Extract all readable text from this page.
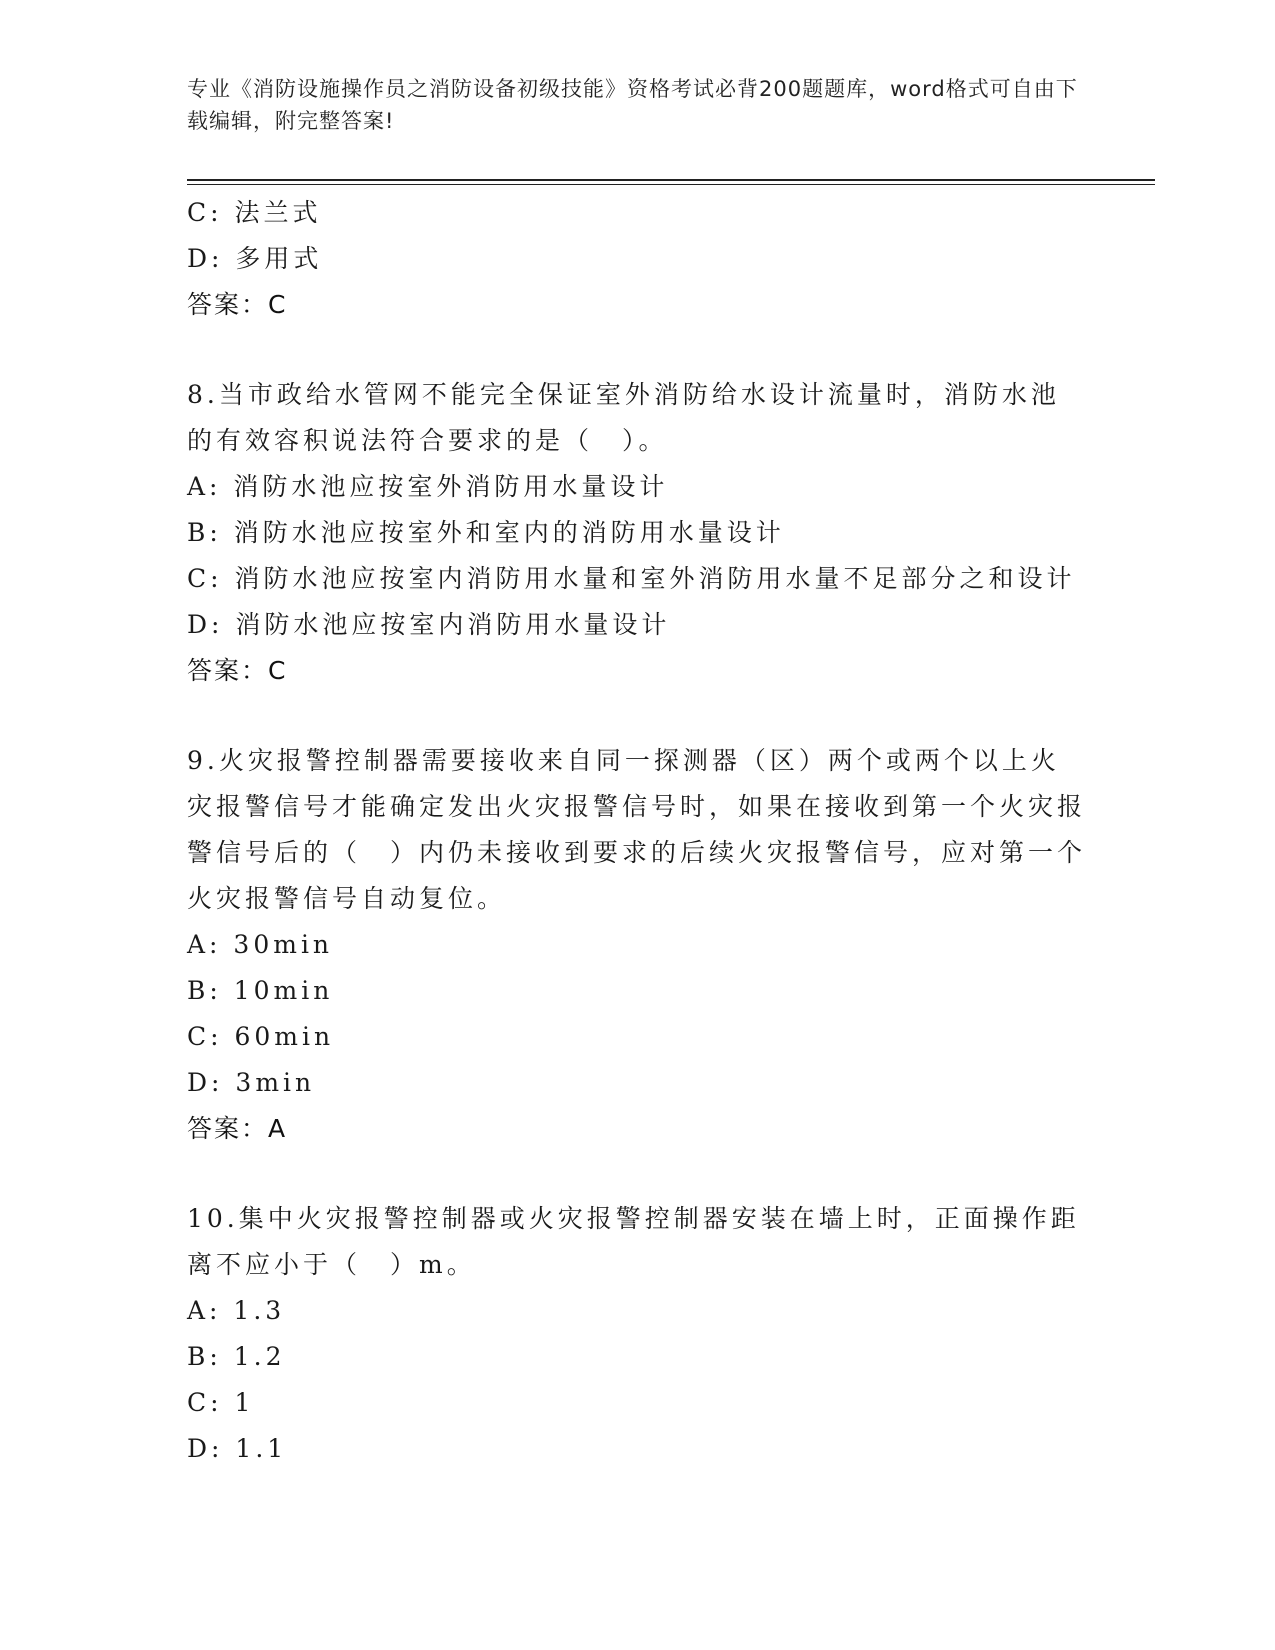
专业《消防设施操作员之消防设备初级技能》资格考试必背200题题库，word格式可自由下载编辑，附完整答案!
C: 法兰式
D: 多用式
答案：C
8.当市政给水管网不能完全保证室外消防给水设计流量时，消防水池的有效容积说法符合要求的是（　）。
A: 消防水池应按室外消防用水量设计
B: 消防水池应按室外和室内的消防用水量设计
C: 消防水池应按室内消防用水量和室外消防用水量不足部分之和设计
D: 消防水池应按室内消防用水量设计
答案：C
9.火灾报警控制器需要接收来自同一探测器（区）两个或两个以上火灾报警信号才能确定发出火灾报警信号时，如果在接收到第一个火灾报警信号后的（　）内仍未接收到要求的后续火灾报警信号，应对第一个火灾报警信号自动复位。
A: 30min
B: 10min
C: 60min
D: 3min
答案：A
10.集中火灾报警控制器或火灾报警控制器安装在墙上时，正面操作距离不应小于（　）m。
A: 1.3
B: 1.2
C: 1
D: 1.1
